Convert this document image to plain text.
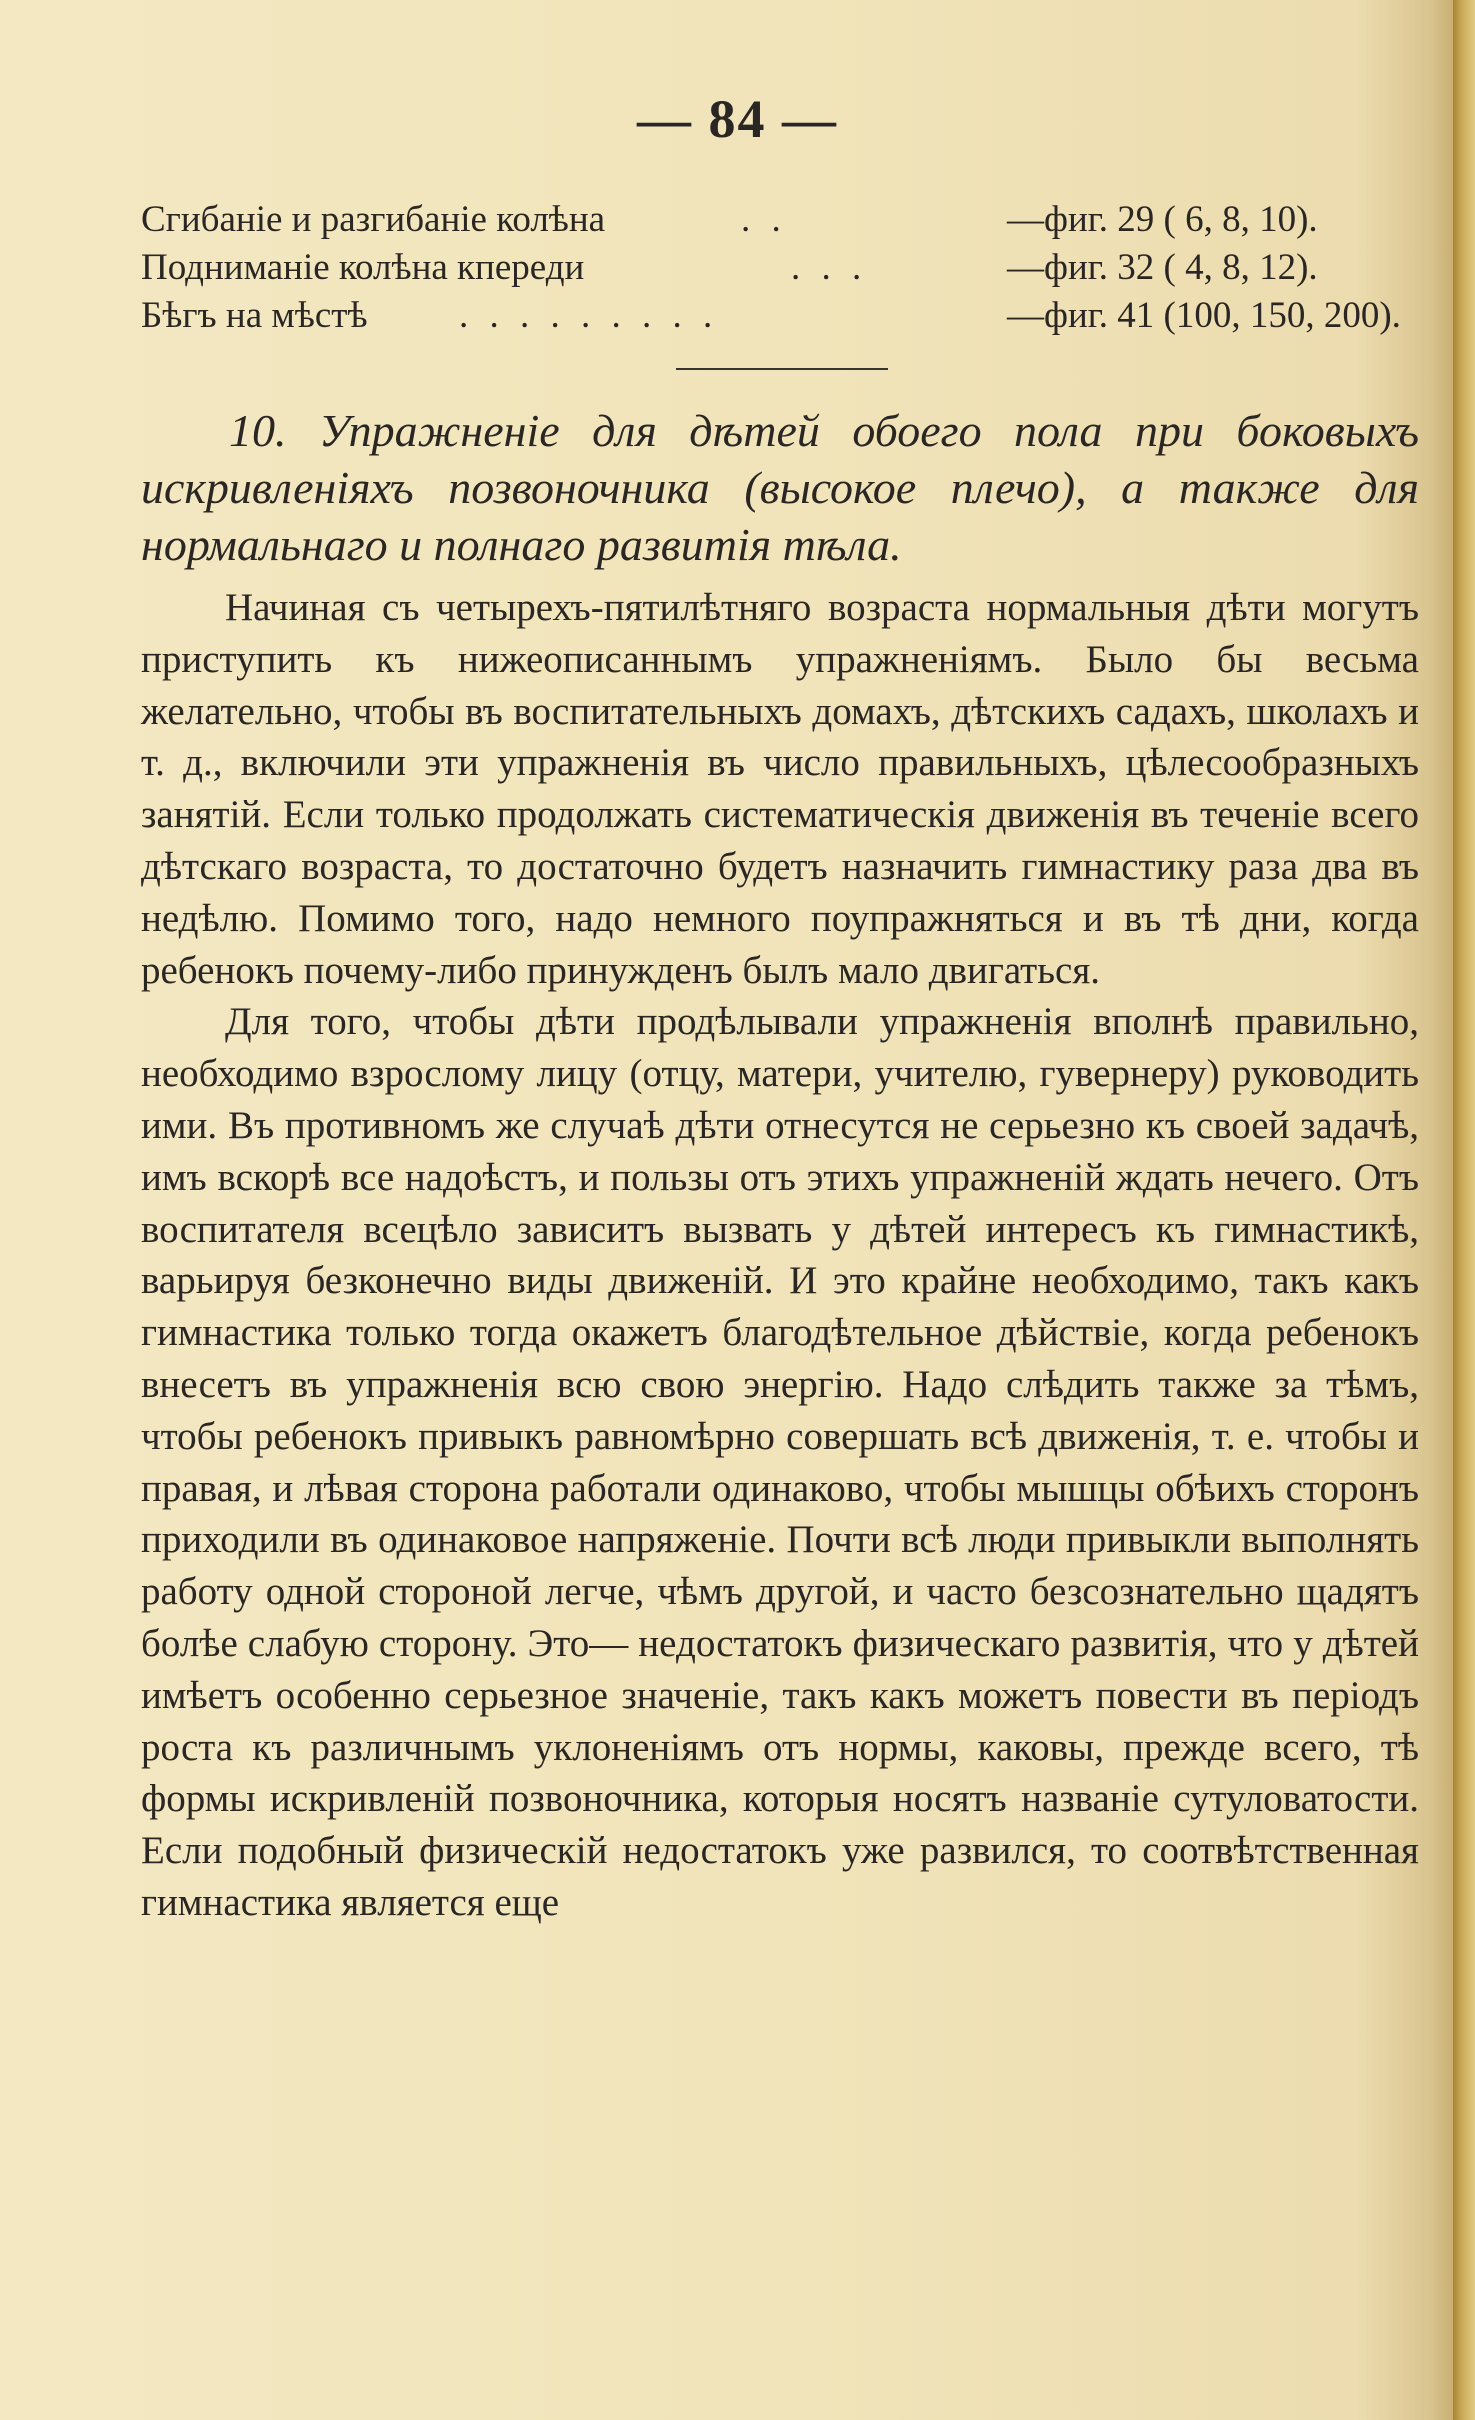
— 84 —
Сгибаніе и разгибаніе колѣна	. .	—фиг. 29 ( 6, 8, 10).
Подниманіе колѣна кпереди	. . .	—фиг. 32 ( 4, 8, 12).
Бѣгъ на мѣстѣ . . . . . . . . .	—фиг. 41 (100, 150, 200).
10. Упражненіе для дѣтей обоего пола при боковыхъ искривленіяхъ позвоночника (высокое плечо), а также для нормальнаго и полнаго развитія тѣла.

Начиная съ четырехъ-пятилѣтняго возраста нормальныя дѣти могутъ приступить къ нижеописаннымъ упражненіямъ. Было бы весьма желательно, чтобы въ воспитательныхъ домахъ, дѣтскихъ садахъ, школахъ и т. д., включили эти упражненія въ число правильныхъ, цѣлесообразныхъ занятій. Если только продолжать систематическія движенія въ теченіе всего дѣтскаго возраста, то достаточно будетъ назначить гимнастику раза два въ недѣлю. Помимо того, надо немного поупражняться и въ тѣ дни, когда ребенокъ почему-либо принужденъ былъ мало двигаться.

Для того, чтобы дѣти продѣлывали упражненія вполнѣ правильно, необходимо взрослому лицу (отцу, матери, учителю, гувернеру) руководить ими. Въ противномъ же случаѣ дѣти отнесутся не серьезно къ своей задачѣ, имъ вскорѣ все надоѣстъ, и пользы отъ этихъ упражненій ждать нечего. Отъ воспитателя всецѣло зависитъ вызвать у дѣтей интересъ къ гимнастикѣ, варьируя безконечно виды движеній. И это крайне необходимо, такъ какъ гимнастика только тогда окажетъ благодѣтельное дѣйствіе, когда ребенокъ внесетъ въ упражненія всю свою энергію. Надо слѣдить также за тѣмъ, чтобы ребенокъ привыкъ равномѣрно совершать всѣ движенія, т. е. чтобы и правая, и лѣвая сторона работали одинаково, чтобы мышцы обѣихъ сторонъ приходили въ одинаковое напряженіе. Почти всѣ люди привыкли выполнять работу одной стороной легче, чѣмъ другой, и часто безсознательно щадятъ болѣе слабую сторону. Это— недостатокъ физическаго развитія, что у дѣтей имѣетъ особенно серьезное значеніе, такъ какъ можетъ повести въ періодъ роста къ различнымъ уклоненіямъ отъ нормы, каковы, прежде всего, тѣ формы искривленій позвоночника, которыя носятъ названіе сутуловатости. Если подобный физическій недостатокъ уже развился, то соотвѣтственная гимнастика является еще
